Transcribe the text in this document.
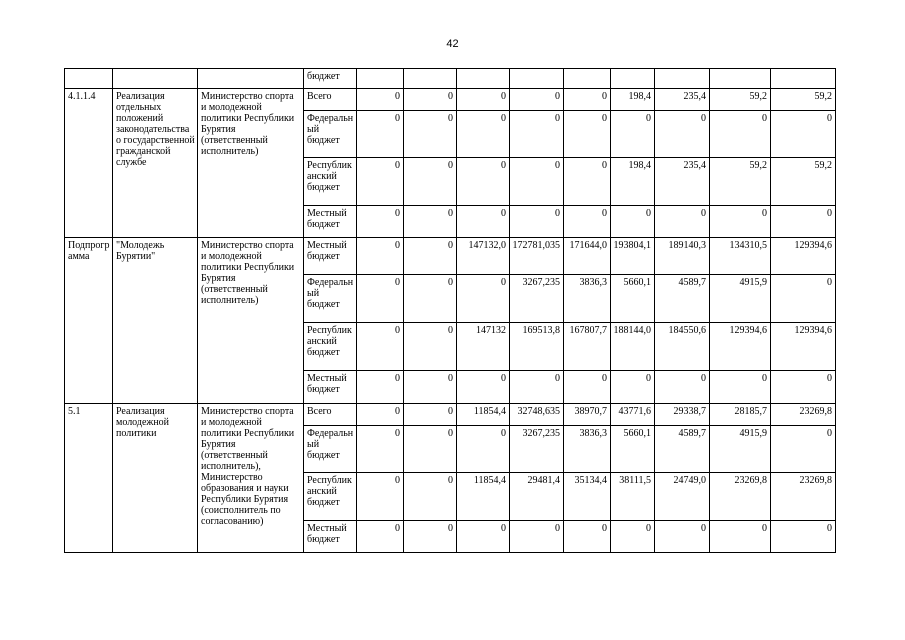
42
			бюджет									
4.1.1.4	Реализация отдельных положений законодательства о государственной гражданской службе	Министерство спорта и молодежной политики Республики Бурятия (ответственный исполнитель)	Всего	0	0	0	0	0	198,4	235,4	59,2	59,2
			Федеральный бюджет	0	0	0	0	0	0	0	0	0
			Республиканский бюджет	0	0	0	0	0	198,4	235,4	59,2	59,2
			Местный бюджет	0	0	0	0	0	0	0	0	0
Подпрограмма	"Молодежь Бурятии"	Министерство спорта и молодежной политики Республики Бурятия (ответственный исполнитель)	Местный бюджет	0	0	147132,0	172781,035	171644,0	193804,1	189140,3	134310,5	129394,6
			Федеральный бюджет	0	0	0	3267,235	3836,3	5660,1	4589,7	4915,9	0
			Республиканский бюджет	0	0	147132	169513,8	167807,7	188144,0	184550,6	129394,6	129394,6
			Местный бюджет	0	0	0	0	0	0	0	0	0
5.1	Реализация молодежной политики	Министерство спорта и молодежной политики Республики Бурятия (ответственный исполнитель), Министерство образования и науки Республики Бурятия (соисполнитель по согласованию)	Всего	0	0	11854,4	32748,635	38970,7	43771,6	29338,7	28185,7	23269,8
			Федеральный бюджет	0	0	0	3267,235	3836,3	5660,1	4589,7	4915,9	0
			Республиканский бюджет	0	0	11854,4	29481,4	35134,4	38111,5	24749,0	23269,8	23269,8
			Местный бюджет	0	0	0	0	0	0	0	0	0
